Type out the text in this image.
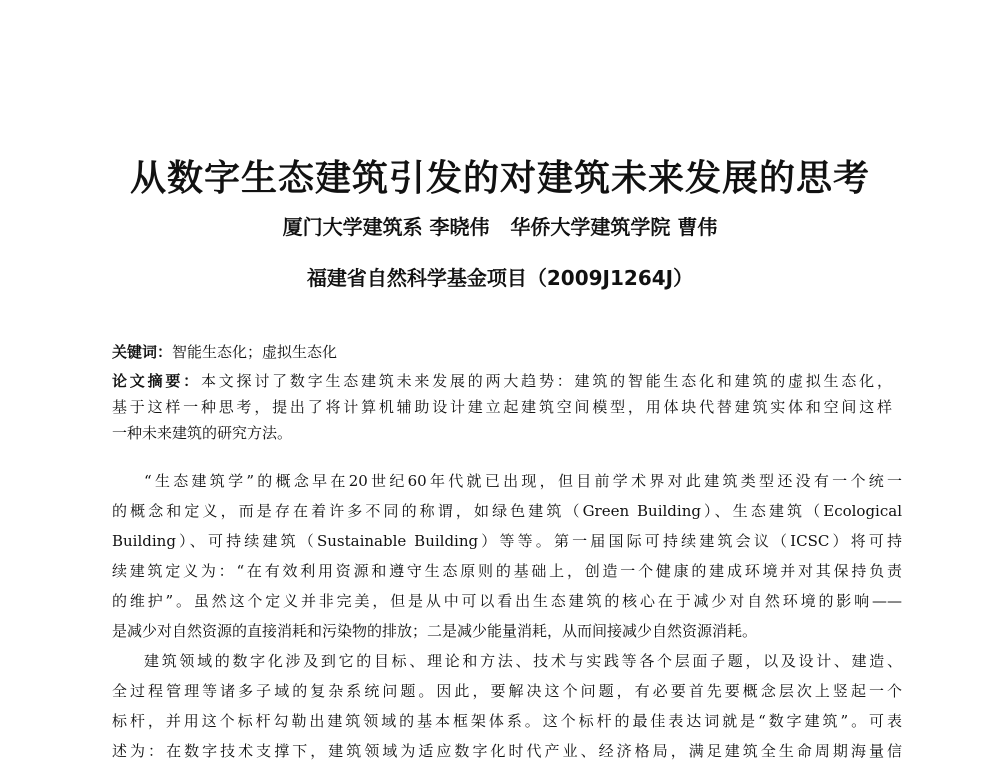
从数字生态建筑引发的对建筑未来发展的思考
厦门大学建筑系 李晓伟   华侨大学建筑学院 曹伟
福建省自然科学基金项目（2009J1264J）
关键词：智能生态化；虚拟生态化
论文摘要：本文探讨了数字生态建筑未来发展的两大趋势：建筑的智能生态化和建筑的虚拟生态化，
基于这样一种思考，提出了将计算机辅助设计建立起建筑空间模型，用体块代替建筑实体和空间这样
一种未来建筑的研究方法。
“生态建筑学”的概念早在20世纪60年代就已出现，但目前学术界对此建筑类型还没有一个统一
的概念和定义，而是存在着许多不同的称谓，如绿色建筑（Green Building）、生态建筑（Ecological
Building）、可持续建筑（Sustainable Building）等等。第一届国际可持续建筑会议（ICSC）将可持
续建筑定义为：“在有效利用资源和遵守生态原则的基础上，创造一个健康的建成环境并对其保持负责
的维护”。虽然这个定义并非完美，但是从中可以看出生态建筑的核心在于减少对自然环境的影响——
是减少对自然资源的直接消耗和污染物的排放；二是减少能量消耗，从而间接减少自然资源消耗。
建筑领域的数字化涉及到它的目标、理论和方法、技术与实践等各个层面子题，以及设计、建造、
全过程管理等诸多子域的复杂系统问题。因此，要解决这个问题，有必要首先要概念层次上竖起一个
标杆，并用这个标杆勾勒出建筑领域的基本框架体系。这个标杆的最佳表达词就是“数字建筑”。可表
述为：在数字技术支撑下，建筑领域为适应数字化时代产业、经济格局，满足建筑全生命周期海量信
